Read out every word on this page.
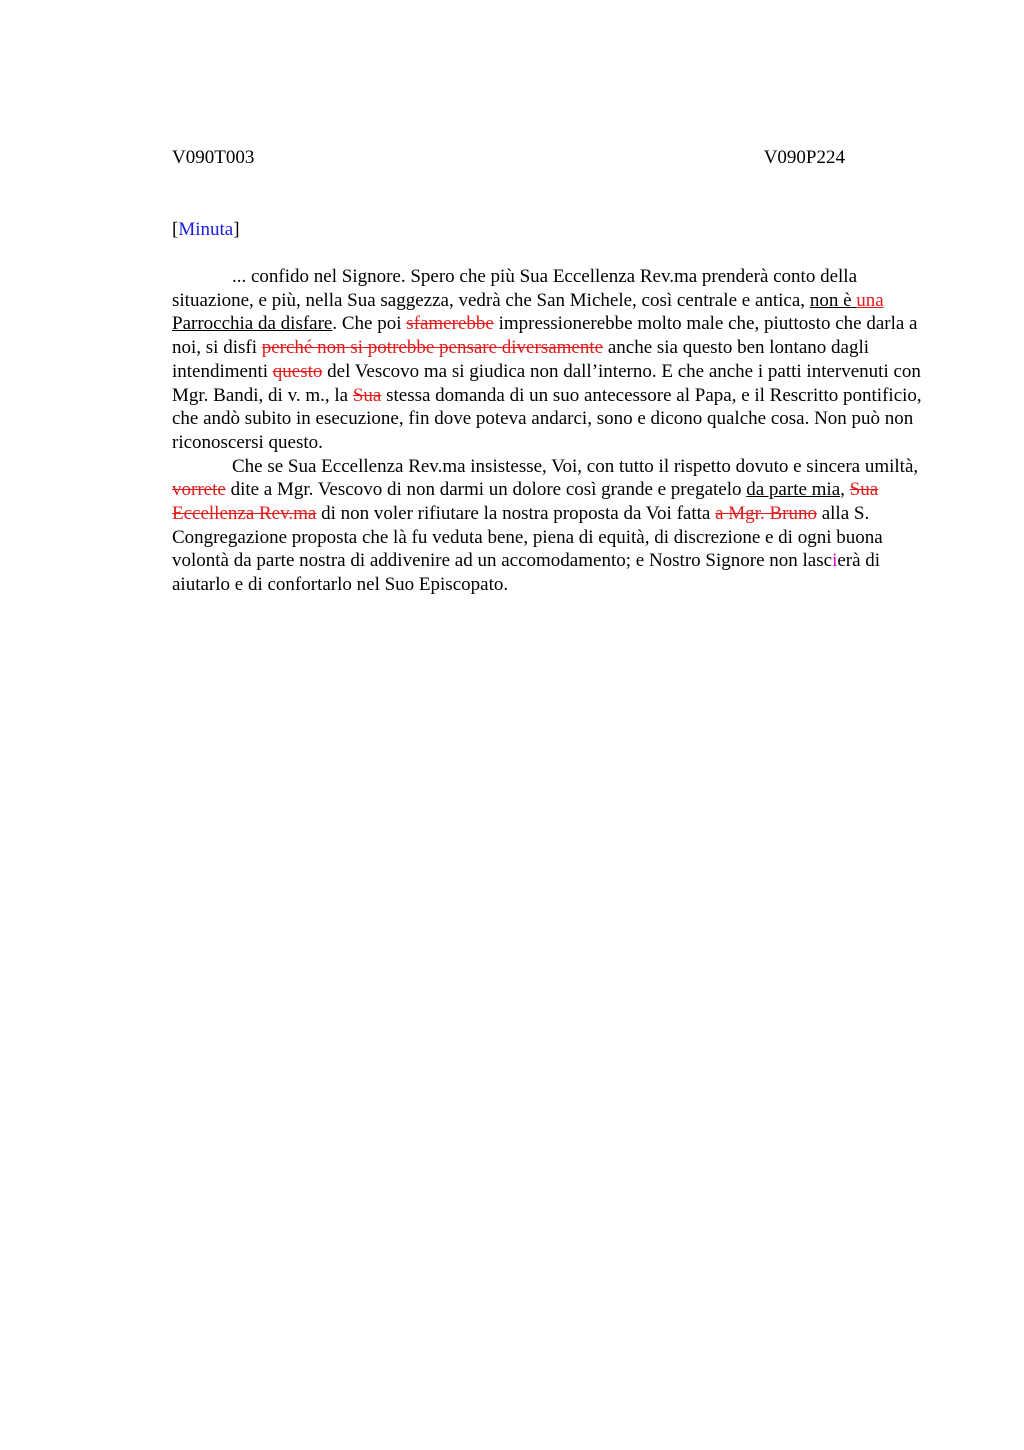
V090T003	V090P224
[Minuta]

... confido nel Signore. Spero che più Sua Eccellenza Rev.ma prenderà conto della situazione, e più, nella Sua saggezza, vedrà che San Michele, così centrale e antica, non è una Parrocchia da disfare. Che poi sfamerebbe impressionerebbe molto male che, piuttosto che darla a noi, si disfi perché non si potrebbe pensare diversamente anche sia questo ben lontano dagli intendimenti questo del Vescovo ma si giudica non dall’interno. E che anche i patti intervenuti con Mgr. Bandi, di v. m., la Sua stessa domanda di un suo antecessore al Papa, e il Rescritto pontificio, che andò subito in esecuzione, fin dove poteva andarci, sono e dicono qualche cosa. Non può non riconoscersi questo.

Che se Sua Eccellenza Rev.ma insistesse, Voi, con tutto il rispetto dovuto e sincera umiltà, vorrete dite a Mgr. Vescovo di non darmi un dolore così grande e pregatelo da parte mia, Sua Eccellenza Rev.ma di non voler rifiutare la nostra proposta da Voi fatta a Mgr. Bruno alla S. Congregazione proposta che là fu veduta bene, piena di equità, di discrezione e di ogni buona volontà da parte nostra di addivenire ad un accomodamento; e Nostro Signore non lascierà di aiutarlo e di confortarlo nel Suo Episcopato.
